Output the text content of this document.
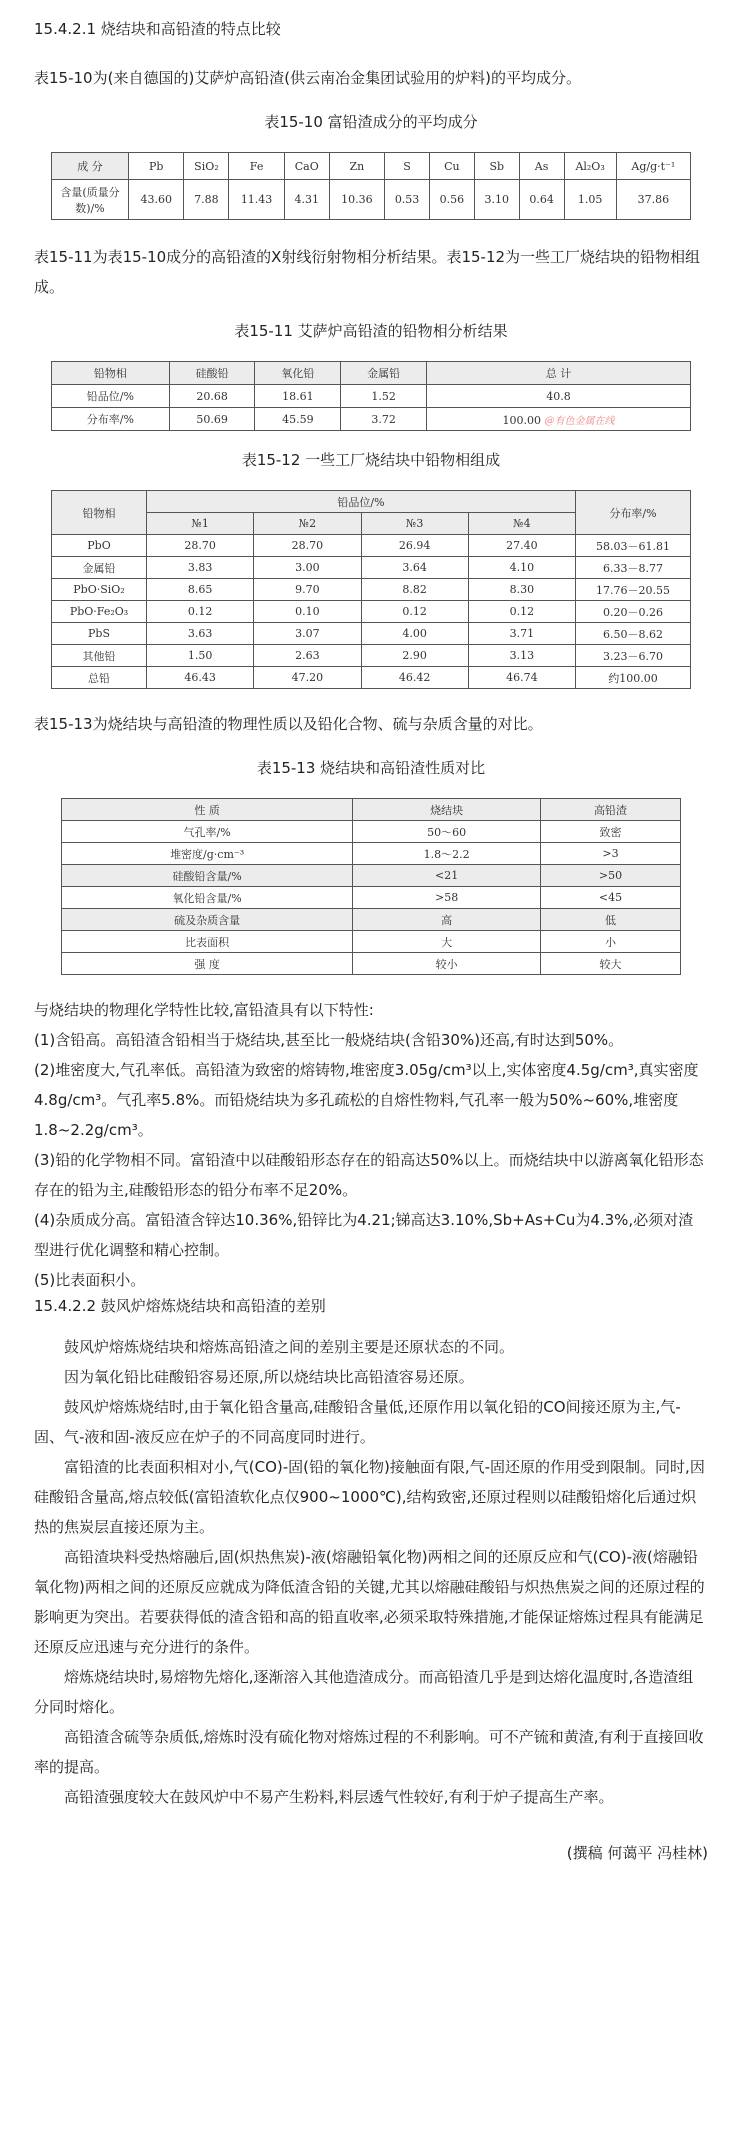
15.4.2.1 烧结块和高铅渣的特点比较

表15-10为(来自德国的)艾萨炉高铅渣(供云南冶金集团试验用的炉料)的平均成分。

表15-10 富铅渣成分的平均成分
成 分	Pb	SiO₂	Fe	CaO	Zn	S	Cu	Sb	As	Al₂O₃	Ag/g·t⁻¹
含量(质量分数)/%	43.60	7.88	11.43	4.31	10.36	0.53	0.56	3.10	0.64	1.05	37.86

表15-11为表15-10成分的高铅渣的X射线衍射物相分析结果。表15-12为一些工厂烧结块的铅物相组成。

表15-11 艾萨炉高铅渣的铅物相分析结果
铅物相	硅酸铅	氧化铅	金属铅	总 计
铅品位/%	20.68	18.61	1.52	40.8
分布率/%	50.69	45.59	3.72	100.00 @有色金属在线
表15-12 一些工厂烧结块中铅物相组成
铅物相	铅品位/%				分布率/%
	№1	№2	№3	№4	
PbO	28.70	28.70	26.94	27.40	58.03－61.81
金属铅	3.83	3.00	3.64	4.10	6.33－8.77
PbO·SiO₂	8.65	9.70	8.82	8.30	17.76－20.55
PbO·Fe₂O₃	0.12	0.10	0.12	0.12	0.20－0.26
PbS	3.63	3.07	4.00	3.71	6.50－8.62
其他铅	1.50	2.63	2.90	3.13	3.23－6.70
总铅	46.43	47.20	46.42	46.74	约100.00

表15-13为烧结块与高铅渣的物理性质以及铅化合物、硫与杂质含量的对比。

表15-13 烧结块和高铅渣性质对比
性 质	烧结块	高铅渣
气孔率/%	50～60	致密
堆密度/g·cm⁻³	1.8～2.2	>3
硅酸铅含量/%	<21	>50
氧化铅含量/%	>58	<45
硫及杂质含量	高	低
比表面积	大	小
强 度	较小	较大

与烧结块的物理化学特性比较,富铅渣具有以下特性:

(1)含铅高。高铅渣含铅相当于烧结块,甚至比一般烧结块(含铅30%)还高,有时达到50%。

(2)堆密度大,气孔率低。高铅渣为致密的熔铸物,堆密度3.05g/cm³以上,实体密度4.5g/cm³,真实密度4.8g/cm³。气孔率5.8%。而铅烧结块为多孔疏松的自熔性物料,气孔率一般为50%~60%,堆密度1.8~2.2g/cm³。

(3)铅的化学物相不同。富铅渣中以硅酸铅形态存在的铅高达50%以上。而烧结块中以游离氧化铅形态存在的铅为主,硅酸铅形态的铅分布率不足20%。

(4)杂质成分高。富铅渣含锌达10.36%,铅锌比为4.21;锑高达3.10%,Sb+As+Cu为4.3%,必须对渣型进行优化调整和精心控制。

(5)比表面积小。

15.4.2.2 鼓风炉熔炼烧结块和高铅渣的差别

鼓风炉熔炼烧结块和熔炼高铅渣之间的差别主要是还原状态的不同。

因为氧化铅比硅酸铅容易还原,所以烧结块比高铅渣容易还原。

鼓风炉熔炼烧结时,由于氧化铅含量高,硅酸铅含量低,还原作用以氧化铅的CO间接还原为主,气-固、气-液和固-液反应在炉子的不同高度同时进行。

富铅渣的比表面积相对小,气(CO)-固(铅的氧化物)接触面有限,气-固还原的作用受到限制。同时,因硅酸铅含量高,熔点较低(富铅渣软化点仅900~1000℃),结构致密,还原过程则以硅酸铅熔化后通过炽热的焦炭层直接还原为主。

高铅渣块料受热熔融后,固(炽热焦炭)-液(熔融铅氧化物)两相之间的还原反应和气(CO)-液(熔融铅氧化物)两相之间的还原反应就成为降低渣含铅的关键,尤其以熔融硅酸铅与炽热焦炭之间的还原过程的影响更为突出。若要获得低的渣含铅和高的铅直收率,必须采取特殊措施,才能保证熔炼过程具有能满足还原反应迅速与充分进行的条件。

熔炼烧结块时,易熔物先熔化,逐渐溶入其他造渣成分。而高铅渣几乎是到达熔化温度时,各造渣组分同时熔化。

高铅渣含硫等杂质低,熔炼时没有硫化物对熔炼过程的不利影响。可不产锍和黄渣,有利于直接回收率的提高。

高铅渣强度较大在鼓风炉中不易产生粉料,料层透气性较好,有利于炉子提高生产率。

(撰稿 何蔼平 冯桂林)
